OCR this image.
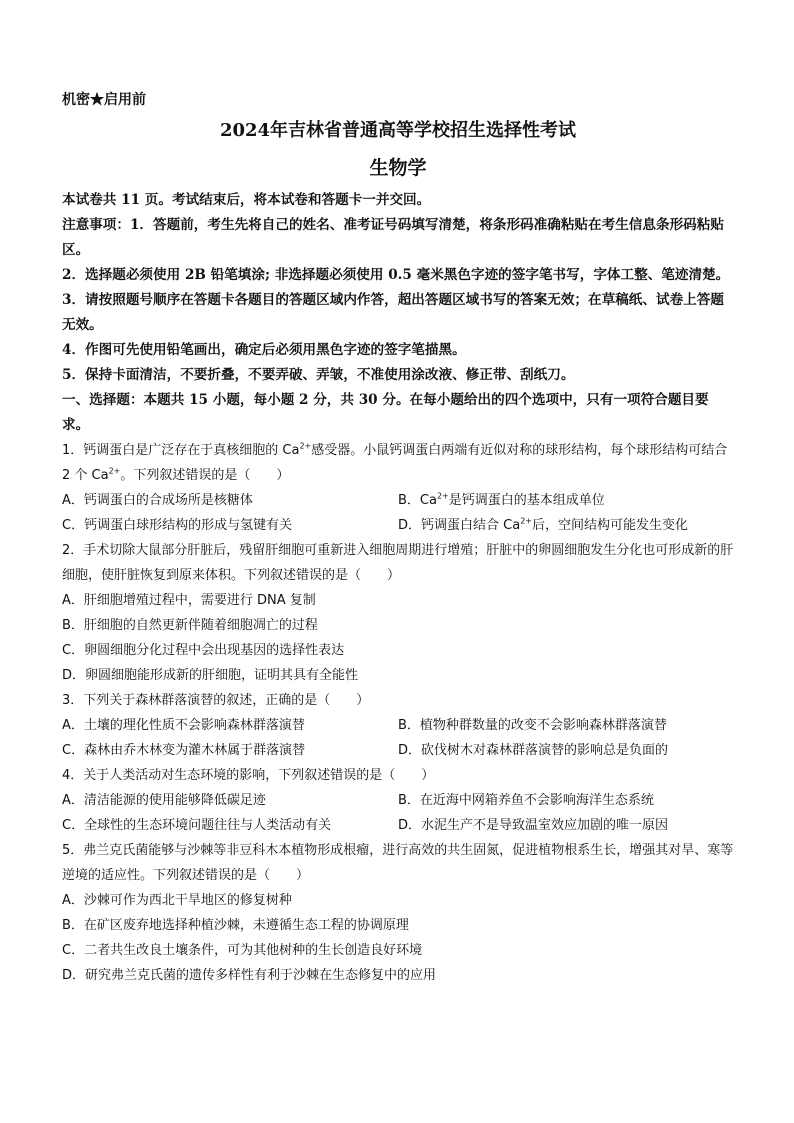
机密★启用前
2024年吉林省普通高等学校招生选择性考试
生物学
本试卷共 11 页。考试结束后，将本试卷和答题卡一并交回。
注意事项：1．答题前，考生先将自己的姓名、准考证号码填写清楚，将条形码准确粘贴在考生信息条形码粘贴区。
2．选择题必须使用 2B 铅笔填涂; 非选择题必须使用 0.5 毫米黑色字迹的签字笔书写，字体工整、笔迹清楚。
3．请按照题号顺序在答题卡各题目的答题区域内作答，超出答题区域书写的答案无效；在草稿纸、试卷上答题无效。
4．作图可先使用铅笔画出，确定后必须用黑色字迹的签字笔描黑。
5．保持卡面清洁，不要折叠，不要弄破、弄皱，不准使用涂改液、修正带、刮纸刀。
一、选择题：本题共 15 小题，每小题 2 分，共 30 分。在每小题给出的四个选项中，只有一项符合题目要求。
1．钙调蛋白是广泛存在于真核细胞的 $Ca^{2+}$感受器。小鼠钙调蛋白两端有近似对称的球形结构，每个球形结构可结合 2 个 $Ca^{2+}$。下列叙述错误的是（　　）
A．钙调蛋白的合成场所是核糖体	B．$Ca^{2+}$是钙调蛋白的基本组成单位
C．钙调蛋白球形结构的形成与氢键有关	D．钙调蛋白结合 $Ca^{2+}$后，空间结构可能发生变化
2．手术切除大鼠部分肝脏后，残留肝细胞可重新进入细胞周期进行增殖；肝脏中的卵圆细胞发生分化也可形成新的肝细胞，使肝脏恢复到原来体积。下列叙述错误的是（　　）
A．肝细胞增殖过程中，需要进行 DNA 复制
B．肝细胞的自然更新伴随着细胞凋亡的过程
C．卵圆细胞分化过程中会出现基因的选择性表达
D．卵圆细胞能形成新的肝细胞，证明其具有全能性
3．下列关于森林群落演替的叙述，正确的是（　　）
A．土壤的理化性质不会影响森林群落演替	B．植物种群数量的改变不会影响森林群落演替
C．森林由乔木林变为灌木林属于群落演替	D．砍伐树木对森林群落演替的影响总是负面的
4．关于人类活动对生态环境的影响，下列叙述错误的是（　　）
A．清洁能源的使用能够降低碳足迹	B．在近海中网箱养鱼不会影响海洋生态系统
C．全球性的生态环境问题往往与人类活动有关	D．水泥生产不是导致温室效应加剧的唯一原因
5．弗兰克氏菌能够与沙棘等非豆科木本植物形成根瘤，进行高效的共生固氮，促进植物根系生长，增强其对旱、寒等逆境的适应性。下列叙述错误的是（　　）
A．沙棘可作为西北干旱地区的修复树种
B．在矿区废弃地选择种植沙棘，未遵循生态工程的协调原理
C．二者共生改良土壤条件，可为其他树种的生长创造良好环境
D．研究弗兰克氏菌的遗传多样性有利于沙棘在生态修复中的应用
